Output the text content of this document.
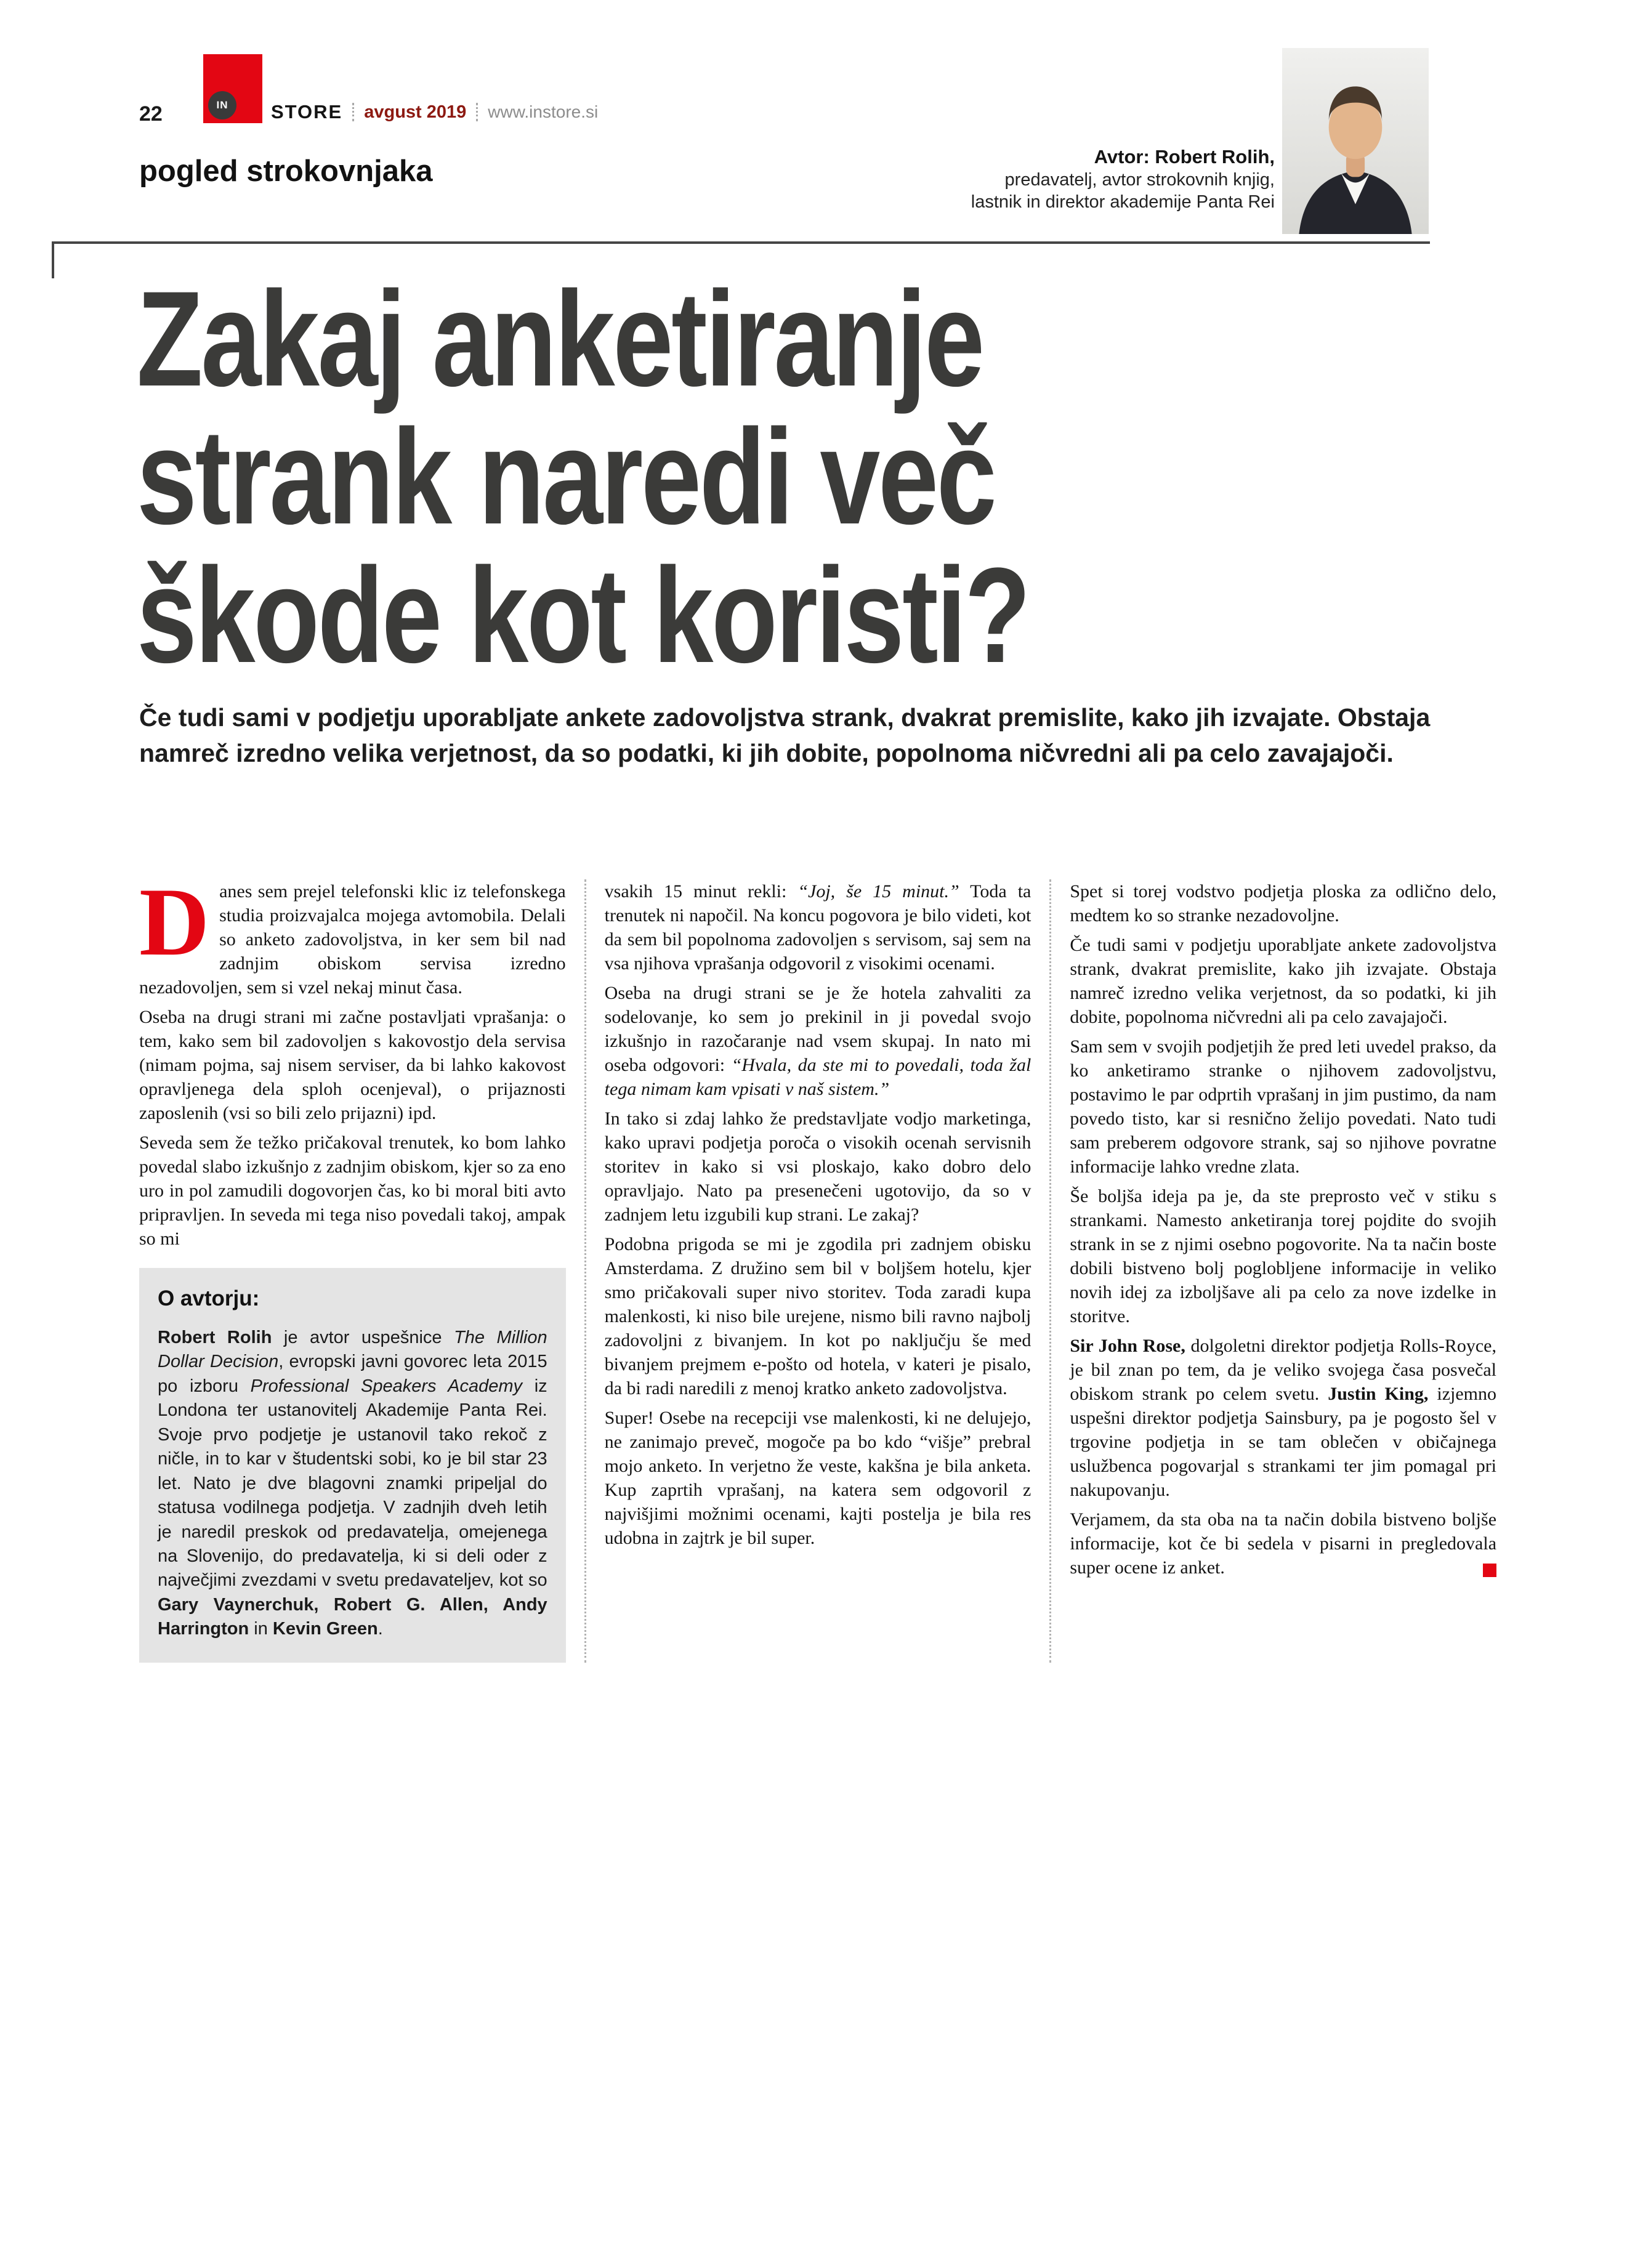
22	IN STORE avgust 2019 www.instore.si
pogled strokovnjaka	Avtor: Robert Rolih,
predavatelj, avtor strokovnih knjig,
lastnik in direktor akademije Panta Rei
Zakaj anketiranje
strank naredi več
škode kot koristi?

Če tudi sami v podjetju uporabljate ankete zadovoljstva strank, dvakrat premislite, kako jih izvajate. Obstaja namreč izredno velika verjetnost, da so podatki, ki jih dobite, popolnoma ničvredni ali pa celo zavajajoči.

Danes sem prejel telefonski klic iz telefonskega studia proizvajalca mojega avtomobila. Delali so anketo zadovoljstva, in ker sem bil nad zadnjim obiskom servisa izredno nezadovoljen, sem si vzel nekaj minut časa.

Oseba na drugi strani mi začne postavljati vprašanja: o tem, kako sem bil zadovoljen s kakovostjo dela servisa (nimam pojma, saj nisem serviser, da bi lahko kakovost opravljenega dela sploh ocenjeval), o prijaznosti zaposlenih (vsi so bili zelo prijazni) ipd.

Seveda sem že težko pričakoval trenutek, ko bom lahko povedal slabo izkušnjo z zadnjim obiskom, kjer so za eno uro in pol zamudili dogovorjen čas, ko bi moral biti avto pripravljen. In seveda mi tega niso povedali takoj, ampak so mi

O avtorju:

Robert Rolih je avtor uspešnice The Million Dollar Decision, evropski javni govorec leta 2015 po izboru Professional Speakers Academy iz Londona ter ustanovitelj Akademije Panta Rei. Svoje prvo podjetje je ustanovil tako rekoč z ničle, in to kar v študentski sobi, ko je bil star 23 let. Nato je dve blagovni znamki pripeljal do statusa vodilnega podjetja. V zadnjih dveh letih je naredil preskok od predavatelja, omejenega na Slovenijo, do predavatelja, ki si deli oder z največjimi zvezdami v svetu predavateljev, kot so Gary Vaynerchuk, Robert G. Allen, Andy Harrington in Kevin Green.

vsakih 15 minut rekli: “Joj, še 15 minut.” Toda ta trenutek ni napočil. Na koncu pogovora je bilo videti, kot da sem bil popolnoma zadovoljen s servisom, saj sem na vsa njihova vprašanja odgovoril z visokimi ocenami.

Oseba na drugi strani se je že hotela zahvaliti za sodelovanje, ko sem jo prekinil in ji povedal svojo izkušnjo in razočaranje nad vsem skupaj. In nato mi oseba odgovori: “Hvala, da ste mi to povedali, toda žal tega nimam kam vpisati v naš sistem.”

In tako si zdaj lahko že predstavljate vodjo marketinga, kako upravi podjetja poroča o visokih ocenah servisnih storitev in kako si vsi ploskajo, kako dobro delo opravljajo. Nato pa presenečeni ugotovijo, da so v zadnjem letu izgubili kup strani. Le zakaj?

Podobna prigoda se mi je zgodila pri zadnjem obisku Amsterdama. Z družino sem bil v boljšem hotelu, kjer smo pričakovali super nivo storitev. Toda zaradi kupa malenkosti, ki niso bile urejene, nismo bili ravno najbolj zadovoljni z bivanjem. In kot po naključju še med bivanjem prejmem e-pošto od hotela, v kateri je pisalo, da bi radi naredili z menoj kratko anketo zadovoljstva.

Super! Osebe na recepciji vse malenkosti, ki ne delujejo, ne zanimajo preveč, mogoče pa bo kdo “višje” prebral mojo anketo. In verjetno že veste, kakšna je bila anketa. Kup zaprtih vprašanj, na katera sem odgovoril z najvišjimi možnimi ocenami, kajti postelja je bila res udobna in zajtrk je bil super.

Spet si torej vodstvo podjetja ploska za odlično delo, medtem ko so stranke nezadovoljne.

Če tudi sami v podjetju uporabljate ankete zadovoljstva strank, dvakrat premislite, kako jih izvajate. Obstaja namreč izredno velika verjetnost, da so podatki, ki jih dobite, popolnoma ničvredni ali pa celo zavajajoči.

Sam sem v svojih podjetjih že pred leti uvedel prakso, da ko anketiramo stranke o njihovem zadovoljstvu, postavimo le par odprtih vprašanj in jim pustimo, da nam povedo tisto, kar si resnično želijo povedati. Nato tudi sam preberem odgovore strank, saj so njihove povratne informacije lahko vredne zlata.

Še boljša ideja pa je, da ste preprosto več v stiku s strankami. Namesto anketiranja torej pojdite do svojih strank in se z njimi osebno pogovorite. Na ta način boste dobili bistveno bolj poglobljene informacije in veliko novih idej za izboljšave ali pa celo za nove izdelke in storitve.

Sir John Rose, dolgoletni direktor podjetja Rolls-Royce, je bil znan po tem, da je veliko svojega časa posvečal obiskom strank po celem svetu. Justin King, izjemno uspešni direktor podjetja Sainsbury, pa je pogosto šel v trgovine podjetja in se tam oblečen v običajnega uslužbenca pogovarjal s strankami ter jim pomagal pri nakupovanju.

Verjamem, da sta oba na ta način dobila bistveno boljše informacije, kot če bi sedela v pisarni in pregledovala super ocene iz anket.
